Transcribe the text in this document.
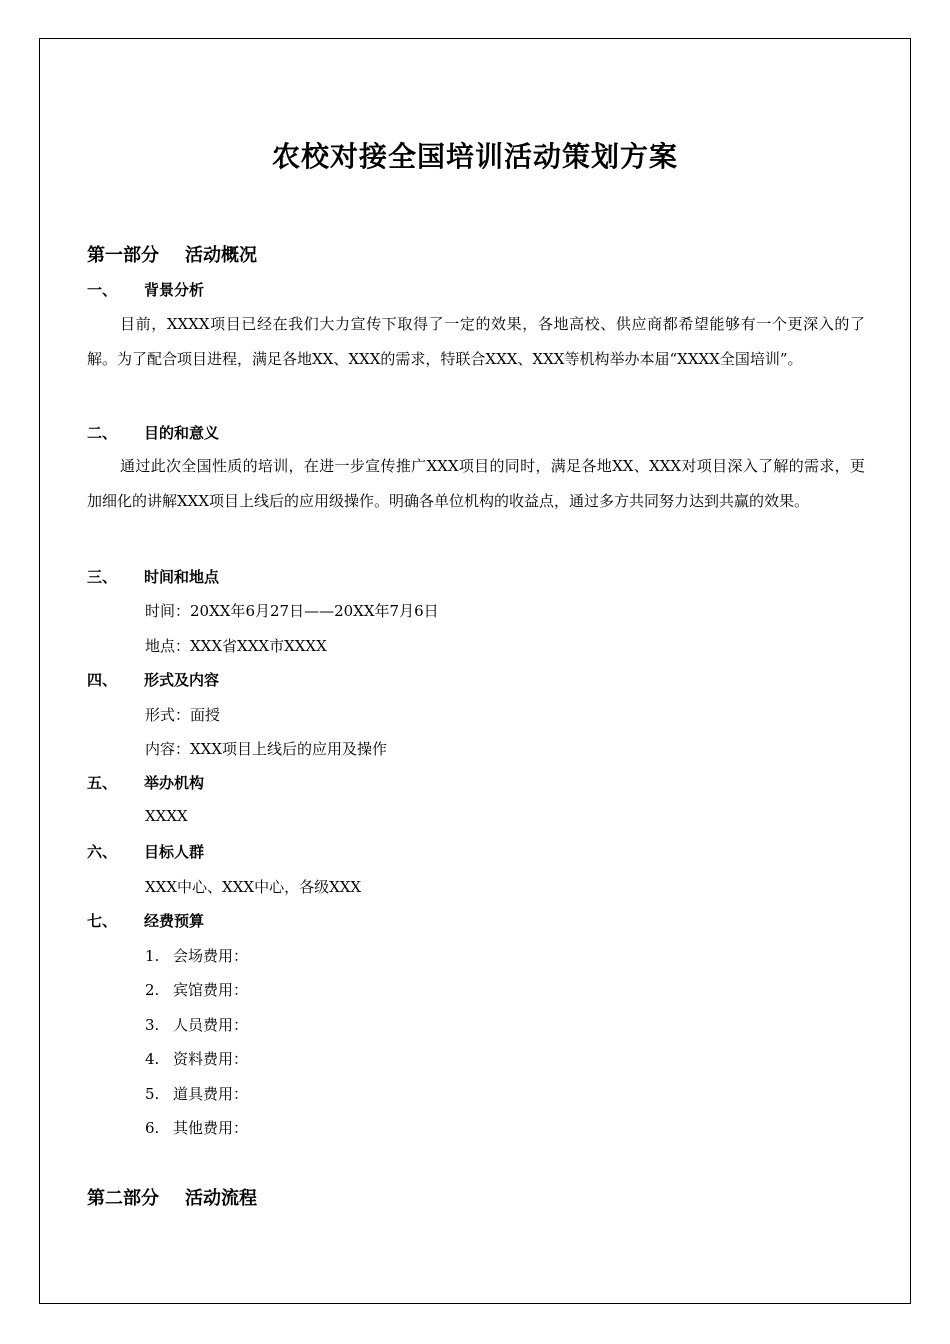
农校对接全国培训活动策划方案
第一部分 活动概况
一、 背景分析
目前，XXXX项目已经在我们大力宣传下取得了一定的效果，各地高校、供应商都希望能够有一个更深入的了解。为了配合项目进程，满足各地XX、XXX的需求，特联合XXX、XXX等机构举办本届“XXXX全国培训”。
二、 目的和意义
通过此次全国性质的培训，在进一步宣传推广XXX项目的同时，满足各地XX、XXX对项目深入了解的需求，更加细化的讲解XXX项目上线后的应用级操作。明确各单位机构的收益点，通过多方共同努力达到共赢的效果。
三、 时间和地点
时间：20XX年6月27日——20XX年7月6日
地点：XXX省XXX市XXXX
四、 形式及内容
形式：面授
内容：XXX项目上线后的应用及操作
五、 举办机构
XXXX
六、 目标人群
XXX中心、XXX中心，各级XXX
七、 经费预算
1. 会场费用：
2. 宾馆费用：
3. 人员费用：
4. 资料费用：
5. 道具费用：
6. 其他费用：
第二部分 活动流程
